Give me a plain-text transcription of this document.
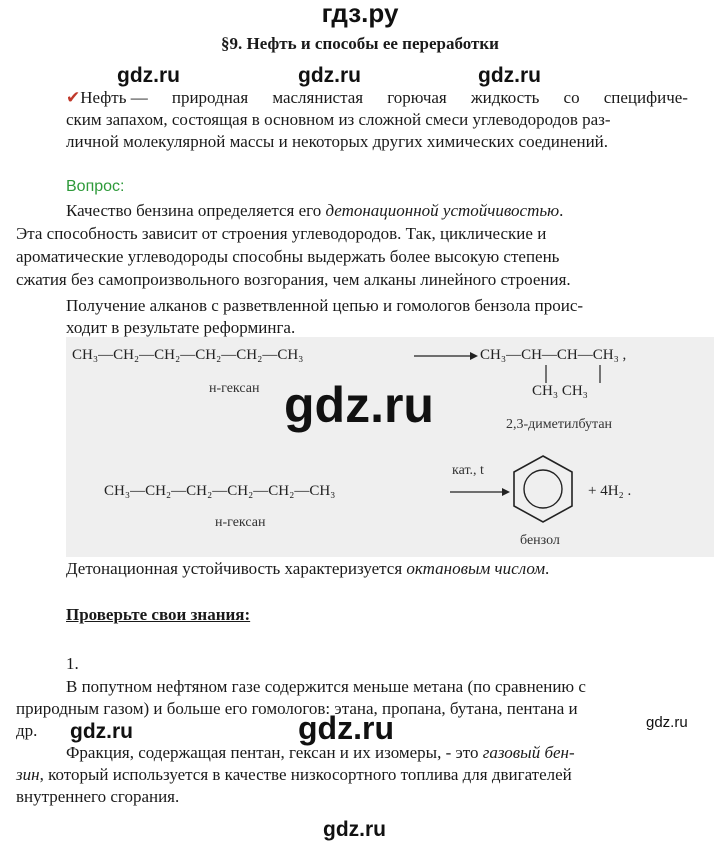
гдз.ру
§9. Нефть и способы ее переработки
gdz.ru	gdz.ru	gdz.ru
✔Нефть — природная маслянистая горючая жидкость со специфиче-
ским запахом, состоящая в основном из сложной смеси углеводородов раз-
личной молекулярной массы и некоторых других химических соединений.
Вопрос:
Качество бензина определяется его детонационной устойчивостью.
Эта способность зависит от строения углеводородов. Так, циклические и
ароматические углеводороды способны выдержать более высокую степень
сжатия без самопроизвольного возгорания, чем алканы линейного строения.
Получение алканов с разветвленной цепью и гомологов бензола проис-
ходит в результате реформинга.
CH₃—CH₂—CH₂—CH₂—CH₂—CH₃	CH₃—CH—CH—CH₃ ,
CH₃ CH₃
н-гексан
2,3-диметилбутан
CH₃—CH₂—CH₂—CH₂—CH₂—CH₃
кат., t
+ 4H₂ .
н-гексан
бензол
gdz.ru
Детонационная устойчивость характеризуется октановым числом.
Проверьте свои знания:
1.
В попутном нефтяном газе содержится меньше метана (по сравнению с
природным газом) и больше его гомологов: этана, пропана, бутана, пентана и
др.
Фракция, содержащая пентан, гексан и их изомеры, - это газовый бен-
зин, который используется в качестве низкосортного топлива для двигателей
внутреннего сгорания.
gdz.ru	gdz.ru	gdz.ru
gdz.ru
